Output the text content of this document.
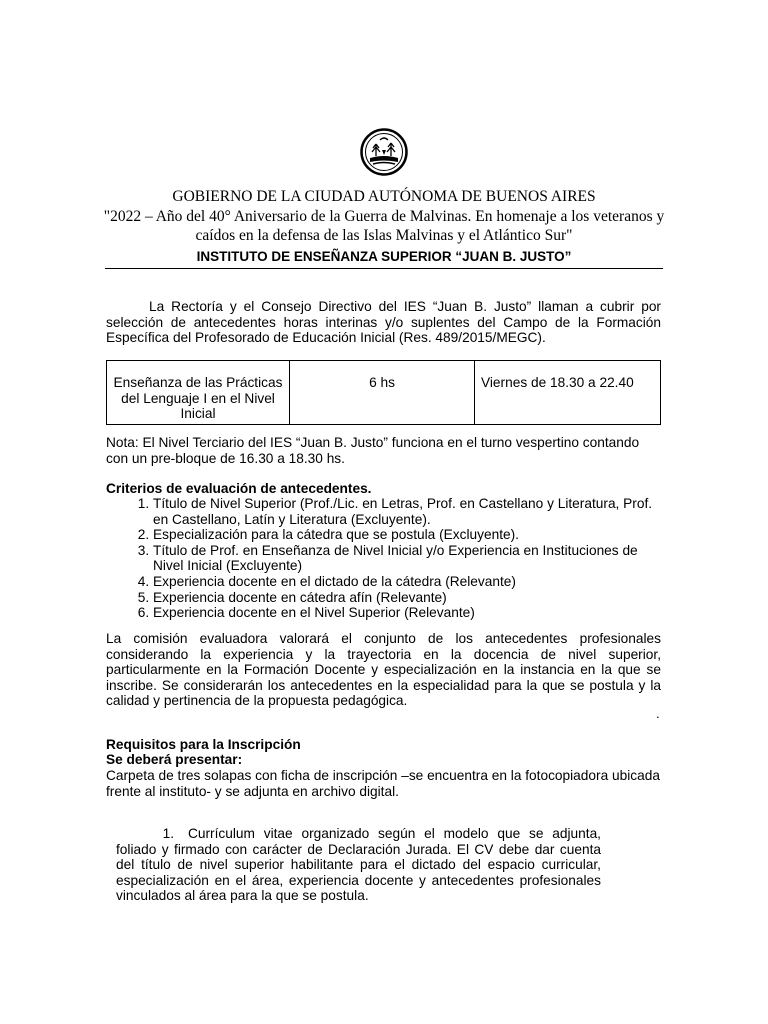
GOBIERNO DE LA CIUDAD AUTÓNOMA DE BUENOS AIRES
"2022 – Año del 40° Aniversario de la Guerra de Malvinas. En homenaje a los veteranos y
caídos en la defensa de las Islas Malvinas y el Atlántico Sur"
INSTITUTO DE ENSEÑANZA SUPERIOR “JUAN B. JUSTO”
La Rectoría y el Consejo Directivo del IES “Juan B. Justo” llaman a cubrir por selección de antecedentes horas interinas y/o suplentes del Campo de la Formación Específica del Profesorado de Educación Inicial (Res. 489/2015/MEGC).
Enseñanza de las Prácticas del Lenguaje I en el Nivel Inicial	6 hs	Viernes de 18.30 a 22.40
Nota: El Nivel Terciario del IES “Juan B. Justo” funciona en el turno vespertino contando con un pre-bloque de 16.30 a 18.30 hs.
Criterios de evaluación de antecedentes.
1. Título de Nivel Superior (Prof./Lic. en Letras, Prof. en Castellano y Literatura, Prof. en Castellano, Latín y Literatura (Excluyente).
2. Especialización para la cátedra que se postula (Excluyente).
3. Título de Prof. en Enseñanza de Nivel Inicial y/o Experiencia en Instituciones de Nivel Inicial (Excluyente)
4. Experiencia docente en el dictado de la cátedra (Relevante)
5. Experiencia docente en cátedra afín (Relevante)
6. Experiencia docente en el Nivel Superior (Relevante)
La comisión evaluadora valorará el conjunto de los antecedentes profesionales considerando la experiencia y la trayectoria en la docencia de nivel superior, particularmente en la Formación Docente y especialización en la instancia en la que se inscribe. Se considerarán los antecedentes en la especialidad para la que se postula y la calidad y pertinencia de la propuesta pedagógica.
.
Requisitos para la Inscripción
Se deberá presentar:
Carpeta de tres solapas con ficha de inscripción –se encuentra en la fotocopiadora ubicada frente al instituto- y se adjunta en archivo digital.
1. Currículum vitae organizado según el modelo que se adjunta, foliado y firmado con carácter de Declaración Jurada. El CV debe dar cuenta del título de nivel superior habilitante para el dictado del espacio curricular, especialización en el área, experiencia docente y antecedentes profesionales vinculados al área para la que se postula.
